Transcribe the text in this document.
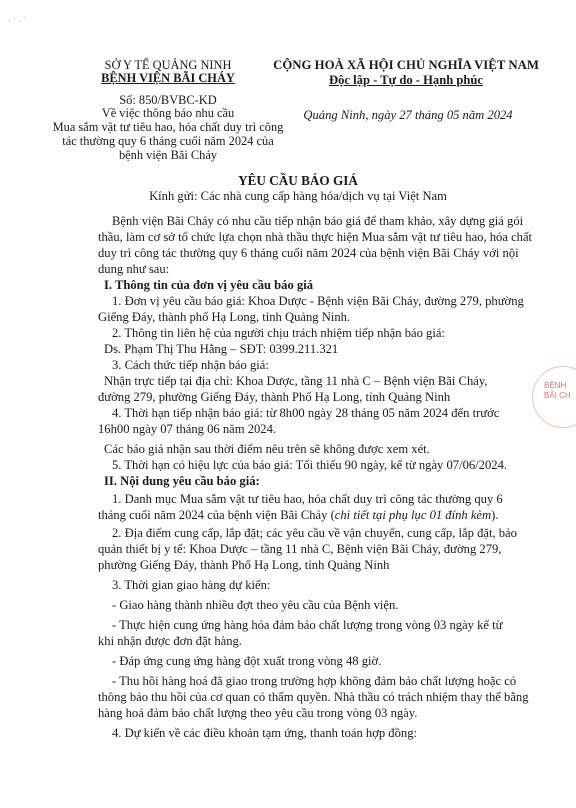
· ˈ · ˈ
SỞ Y TẾ QUẢNG NINH
BỆNH VIỆN BÃI CHÁY
Số: 850/BVBC-KD
Về việc thông báo nhu cầu
Mua sắm vật tư tiêu hao, hóa chất duy trì công
tác thường quy 6 tháng cuối năm 2024 của
bệnh viện Bãi Cháy
CỘNG HOÀ XÃ HỘI CHỦ NGHĨA VIỆT NAM
Độc lập - Tự do - Hạnh phúc
Quảng Ninh, ngày 27 tháng 05 năm 2024
YÊU CẦU BÁO GIÁ
Kính gửi: Các nhà cung cấp hàng hóa/dịch vụ tại Việt Nam
Bệnh viện Bãi Cháy có nhu cầu tiếp nhận báo giá để tham khảo, xây dựng giá gói
thầu, làm cơ sở tổ chức lựa chọn nhà thầu thực hiện Mua sắm vật tư tiêu hao, hóa chất
duy trì công tác thường quy 6 tháng cuối năm 2024 của bệnh viện Bãi Cháy với nội
dung như sau:
I. Thông tin của đơn vị yêu cầu báo giá
1. Đơn vị yêu cầu báo giá: Khoa Dược - Bệnh viện Bãi Cháy, đường 279, phường
Giếng Đáy, thành phố Hạ Long, tỉnh Quảng Ninh.
2. Thông tin liên hệ của người chịu trách nhiệm tiếp nhận báo giá:
Ds. Phạm Thị Thu Hằng – SĐT: 0399.211.321
3. Cách thức tiếp nhận báo giá:
Nhận trực tiếp tại địa chỉ: Khoa Dược, tầng 11 nhà C – Bệnh viện Bãi Cháy,
đường 279, phường Giếng Đáy, thành Phố Hạ Long, tỉnh Quảng Ninh
4. Thời hạn tiếp nhận báo giá: từ 8h00 ngày 28 tháng 05 năm 2024 đến trước
16h00 ngày 07 tháng 06 năm 2024.
Các báo giá nhận sau thời điểm nêu trên sẽ không được xem xét.
5. Thời hạn có hiệu lực của báo giá: Tối thiểu 90 ngày, kể từ ngày 07/06/2024.
II. Nội dung yêu cầu báo giá:
1. Danh mục Mua sắm vật tư tiêu hao, hóa chất duy trì công tác thường quy 6
tháng cuối năm 2024 của bệnh viện Bãi Cháy (chi tiết tại phụ lục 01 đính kèm).
2. Địa điểm cung cấp, lắp đặt; các yêu cầu về vận chuyển, cung cấp, lắp đặt, bảo
quản thiết bị y tế: Khoa Dược – tầng 11 nhà C, Bệnh viện Bãi Cháy, đường 279,
phường Giếng Đáy, thành Phố Hạ Long, tỉnh Quảng Ninh
3. Thời gian giao hàng dự kiến:
- Giao hàng thành nhiều đợt theo yêu cầu của Bệnh viện.
- Thực hiện cung ứng hàng hóa đảm bảo chất lượng trong vòng 03 ngày kể từ
khi nhận được đơn đặt hàng.
- Đáp ứng cung ứng hàng đột xuất trong vòng 48 giờ.
- Thu hồi hàng hoá đã giao trong trường hợp không đảm bảo chất lượng hoặc có
thông báo thu hồi của cơ quan có thẩm quyền. Nhà thầu có trách nhiệm thay thế bằng
hàng hoá đảm bảo chất lượng theo yêu cầu trong vòng 03 ngày.
4. Dự kiến về các điều khoản tạm ứng, thanh toán hợp đồng:
BỆNH
BÃI CH
